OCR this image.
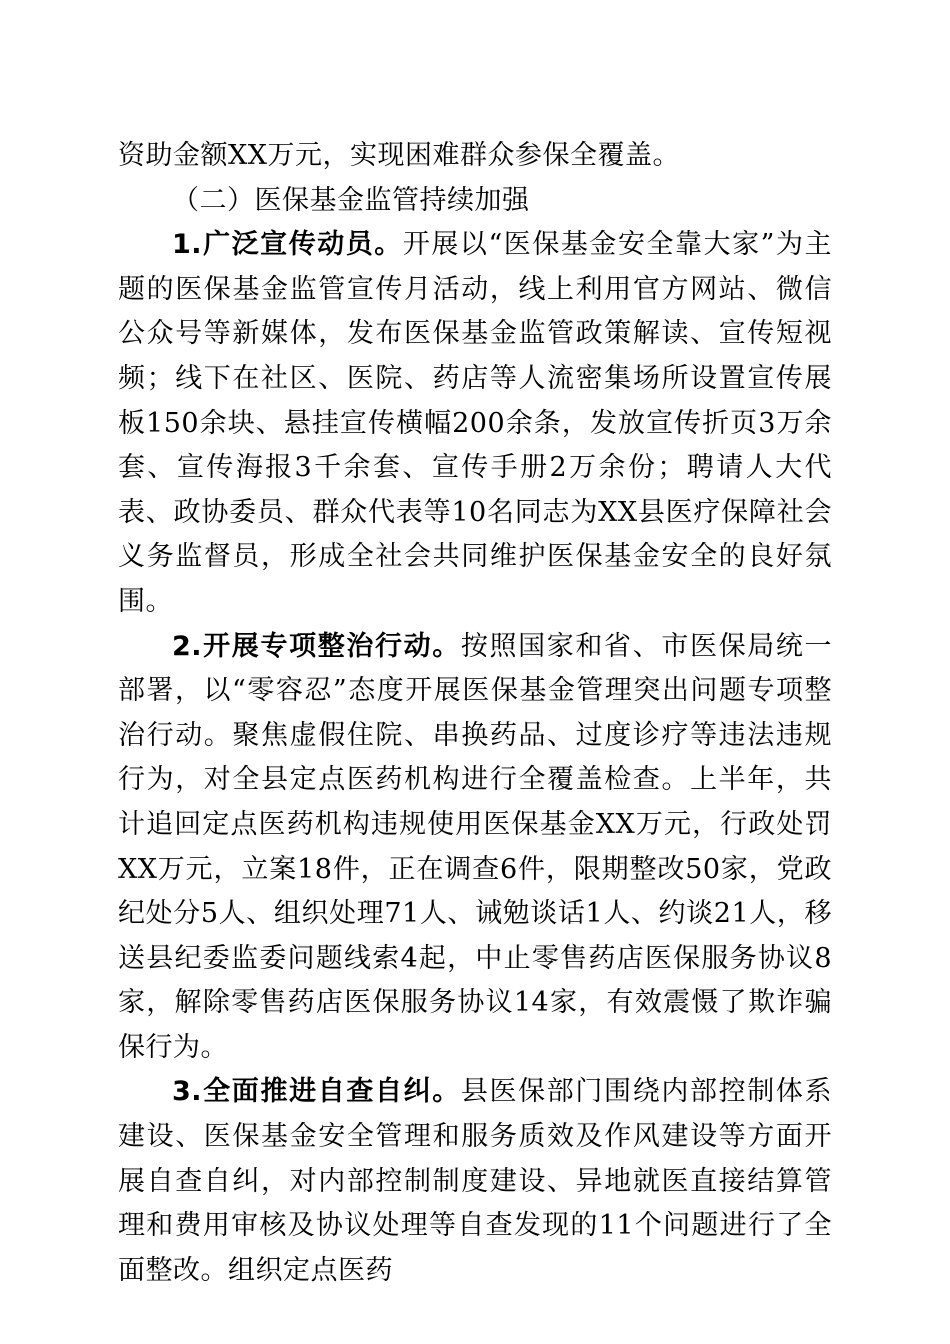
资助金额XX万元，实现困难群众参保全覆盖。

（二）医保基金监管持续加强

1.广泛宣传动员。开展以“医保基金安全靠大家”为主题的医保基金监管宣传月活动，线上利用官方网站、微信公众号等新媒体，发布医保基金监管政策解读、宣传短视频；线下在社区、医院、药店等人流密集场所设置宣传展板150余块、悬挂宣传横幅200余条，发放宣传折页3万余套、宣传海报3千余套、宣传手册2万余份；聘请人大代表、政协委员、群众代表等10名同志为XX县医疗保障社会义务监督员，形成全社会共同维护医保基金安全的良好氛围。

2.开展专项整治行动。按照国家和省、市医保局统一部署，以“零容忍”态度开展医保基金管理突出问题专项整治行动。聚焦虚假住院、串换药品、过度诊疗等违法违规行为，对全县定点医药机构进行全覆盖检查。上半年，共计追回定点医药机构违规使用医保基金XX万元，行政处罚XX万元，立案18件，正在调查6件，限期整改50家，党政纪处分5人、组织处理71人、诫勉谈话1人、约谈21人，移送县纪委监委问题线索4起，中止零售药店医保服务协议8家，解除零售药店医保服务协议14家，有效震慑了欺诈骗保行为。

3.全面推进自查自纠。县医保部门围绕内部控制体系建设、医保基金安全管理和服务质效及作风建设等方面开展自查自纠，对内部控制制度建设、异地就医直接结算管理和费用审核及协议处理等自查发现的11个问题进行了全面整改。组织定点医药
